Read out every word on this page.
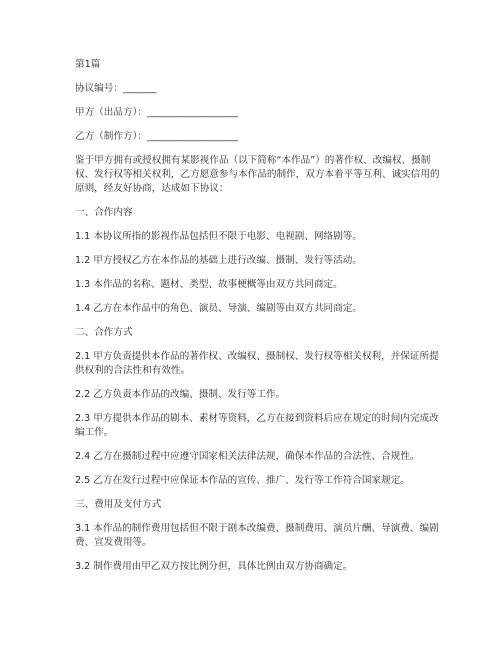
第1篇

协议编号：_______

甲方（出品方）：___________________

乙方（制作方）：___________________

鉴于甲方拥有或授权拥有某影视作品（以下简称“本作品”）的著作权、改编权、摄制权、发行权等相关权利，乙方愿意参与本作品的制作，双方本着平等互利、诚实信用的原则，经友好协商，达成如下协议：

一、合作内容

1.1 本协议所指的影视作品包括但不限于电影、电视剧、网络剧等。

1.2 甲方授权乙方在本作品的基础上进行改编、摄制、发行等活动。

1.3 本作品的名称、题材、类型、故事梗概等由双方共同商定。

1.4 乙方在本作品中的角色、演员、导演、编剧等由双方共同商定。

二、合作方式

2.1 甲方负责提供本作品的著作权、改编权、摄制权、发行权等相关权利，并保证所提供权利的合法性和有效性。

2.2 乙方负责本作品的改编、摄制、发行等工作。

2.3 甲方提供本作品的剧本、素材等资料，乙方在接到资料后应在规定的时间内完成改编工作。

2.4 乙方在摄制过程中应遵守国家相关法律法规，确保本作品的合法性、合规性。

2.5 乙方在发行过程中应保证本作品的宣传、推广、发行等工作符合国家规定。

三、费用及支付方式

3.1 本作品的制作费用包括但不限于剧本改编费、摄制费用、演员片酬、导演费、编剧费、宣发费用等。

3.2 制作费用由甲乙双方按比例分担，具体比例由双方协商确定。
